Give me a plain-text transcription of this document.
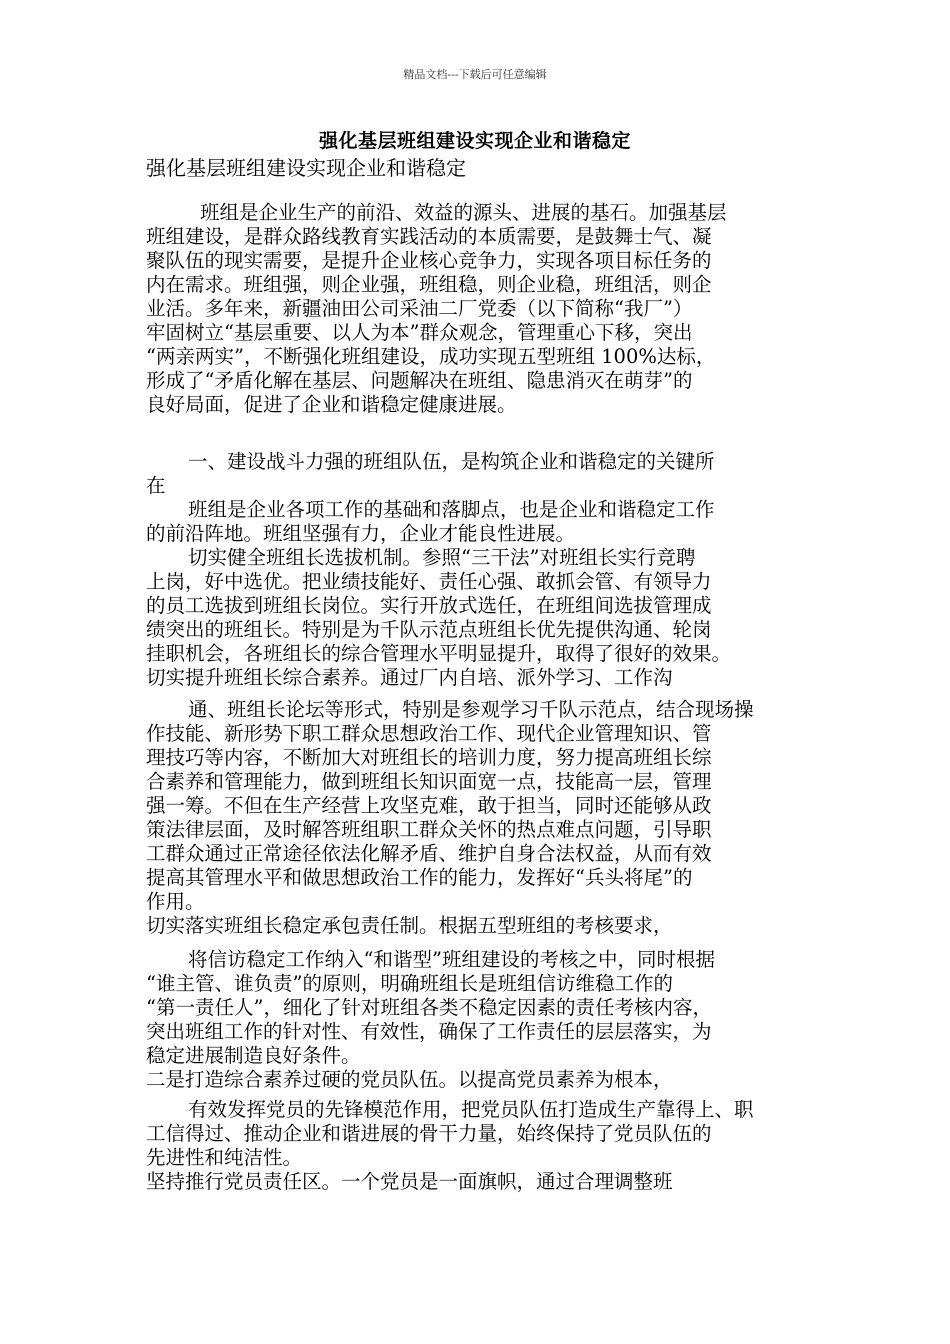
精品文档---下载后可任意编辑
强化基层班组建设实现企业和谐稳定
强化基层班组建设实现企业和谐稳定
班组是企业生产的前沿、效益的源头、进展的基石。加强基层
班组建设，是群众路线教育实践活动的本质需要，是鼓舞士气、凝
聚队伍的现实需要，是提升企业核心竞争力，实现各项目标任务的
内在需求。班组强，则企业强，班组稳，则企业稳，班组活，则企
业活。多年来，新疆油田公司采油二厂党委（以下简称“我厂”）
牢固树立“基层重要、以人为本”群众观念，管理重心下移，突出
“两亲两实”，不断强化班组建设，成功实现五型班组 100%达标，
形成了“矛盾化解在基层、问题解决在班组、隐患消灭在萌芽”的
良好局面，促进了企业和谐稳定健康进展。
一、建设战斗力强的班组队伍，是构筑企业和谐稳定的关键所
在
班组是企业各项工作的基础和落脚点，也是企业和谐稳定工作
的前沿阵地。班组坚强有力，企业才能良性进展。
切实健全班组长选拔机制。参照“三干法”对班组长实行竞聘
上岗，好中选优。把业绩技能好、责任心强、敢抓会管、有领导力
的员工选拔到班组长岗位。实行开放式选任，在班组间选拔管理成
绩突出的班组长。特别是为千队示范点班组长优先提供沟通、轮岗
挂职机会，各班组长的综合管理水平明显提升，取得了很好的效果。
切实提升班组长综合素养。通过厂内自培、派外学习、工作沟
通、班组长论坛等形式，特别是参观学习千队示范点，结合现场操
作技能、新形势下职工群众思想政治工作、现代企业管理知识、管
理技巧等内容，不断加大对班组长的培训力度，努力提高班组长综
合素养和管理能力，做到班组长知识面宽一点，技能高一层，管理
强一筹。不但在生产经营上攻坚克难，敢于担当，同时还能够从政
策法律层面，及时解答班组职工群众关怀的热点难点问题，引导职
工群众通过正常途径依法化解矛盾、维护自身合法权益，从而有效
提高其管理水平和做思想政治工作的能力，发挥好“兵头将尾”的
作用。
切实落实班组长稳定承包责任制。根据五型班组的考核要求，
将信访稳定工作纳入“和谐型”班组建设的考核之中，同时根据
“谁主管、谁负责”的原则，明确班组长是班组信访维稳工作的
“第一责任人”，细化了针对班组各类不稳定因素的责任考核内容，
突出班组工作的针对性、有效性，确保了工作责任的层层落实，为
稳定进展制造良好条件。
二是打造综合素养过硬的党员队伍。以提高党员素养为根本，
有效发挥党员的先锋模范作用，把党员队伍打造成生产靠得上、职
工信得过、推动企业和谐进展的骨干力量，始终保持了党员队伍的
先进性和纯洁性。
坚持推行党员责任区。一个党员是一面旗帜，通过合理调整班
